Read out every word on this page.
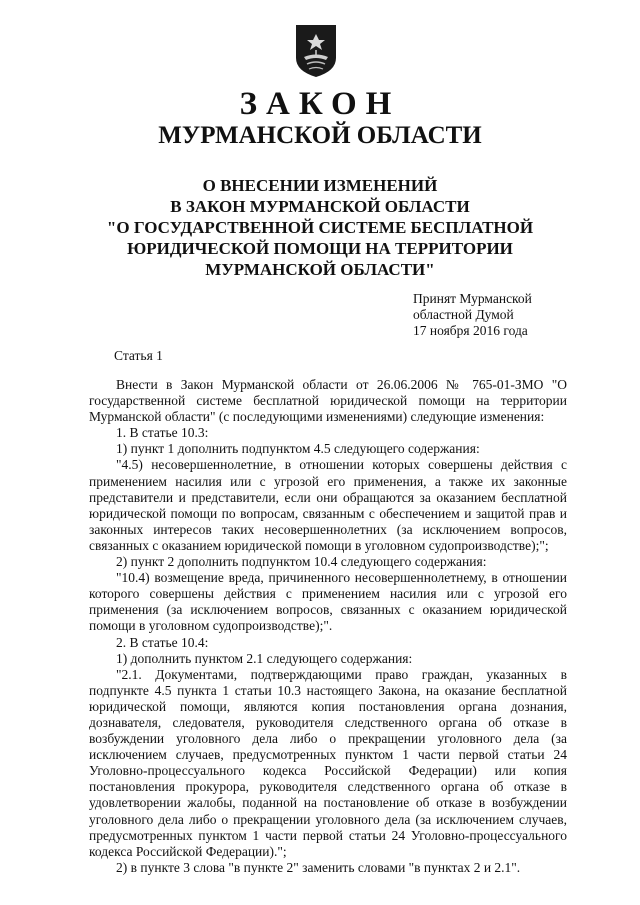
ЗАКОН
МУРМАНСКОЙ ОБЛАСТИ
О ВНЕСЕНИИ ИЗМЕНЕНИЙ
В ЗАКОН МУРМАНСКОЙ ОБЛАСТИ
"О ГОСУДАРСТВЕННОЙ СИСТЕМЕ БЕСПЛАТНОЙ
ЮРИДИЧЕСКОЙ ПОМОЩИ НА ТЕРРИТОРИИ
МУРМАНСКОЙ ОБЛАСТИ"
Принят Мурманской
областной Думой
17 ноября 2016 года
Статья 1

Внести в Закон Мурманской области от 26.06.2006 № 765-01-ЗМО "О государственной системе бесплатной юридической помощи на территории Мурманской области" (с последующими изменениями) следующие изменения:

1. В статье 10.3:

1) пункт 1 дополнить подпунктом 4.5 следующего содержания:

"4.5) несовершеннолетние, в отношении которых совершены действия с применением насилия или с угрозой его применения, а также их законные представители и представители, если они обращаются за оказанием бесплатной юридической помощи по вопросам, связанным с обеспечением и защитой прав и законных интересов таких несовершеннолетних (за исключением вопросов, связанных с оказанием юридической помощи в уголовном судопроизводстве);";

2) пункт 2 дополнить подпунктом 10.4 следующего содержания:

"10.4) возмещение вреда, причиненного несовершеннолетнему, в отношении которого совершены действия с применением насилия или с угрозой его применения (за исключением вопросов, связанных с оказанием юридической помощи в уголовном судопроизводстве);".

2. В статье 10.4:

1) дополнить пунктом 2.1 следующего содержания:

"2.1. Документами, подтверждающими право граждан, указанных в подпункте 4.5 пункта 1 статьи 10.3 настоящего Закона, на оказание бесплатной юридической помощи, являются копия постановления органа дознания, дознавателя, следователя, руководителя следственного органа об отказе в возбуждении уголовного дела либо о прекращении уголовного дела (за исключением случаев, предусмотренных пунктом 1 части первой статьи 24 Уголовно-процессуального кодекса Российской Федерации) или копия постановления прокурора, руководителя следственного органа об отказе в удовлетворении жалобы, поданной на постановление об отказе в возбуждении уголовного дела либо о прекращении уголовного дела (за исключением случаев, предусмотренных пунктом 1 части первой статьи 24 Уголовно-процессуального кодекса Российской Федерации).";

2) в пункте 3 слова "в пункте 2" заменить словами "в пунктах 2 и 2.1".
